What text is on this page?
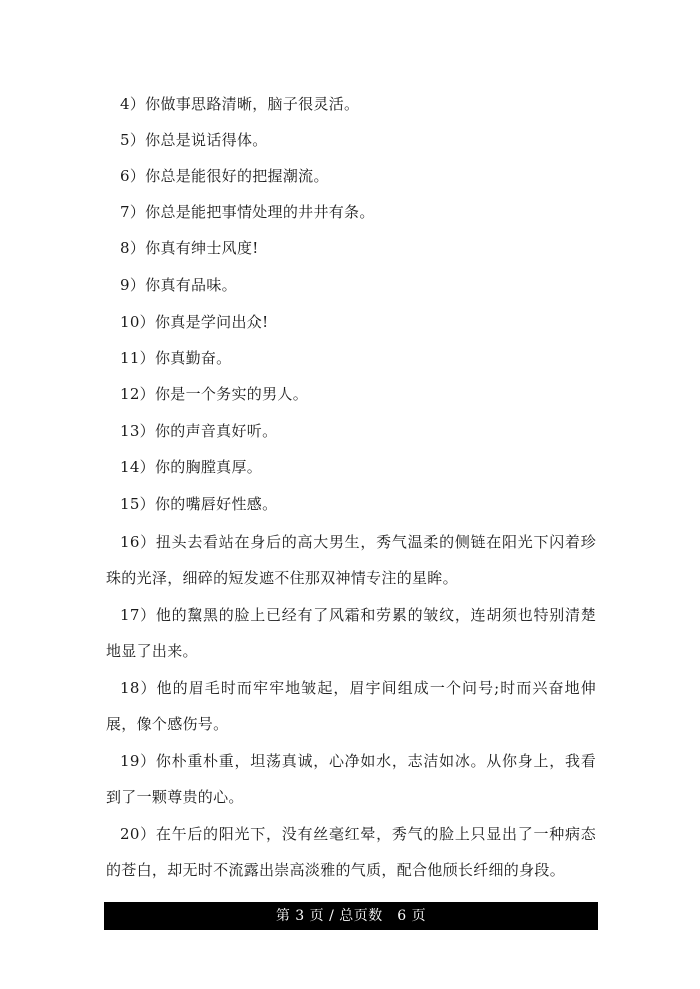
4）你做事思路清晰，脑子很灵活。
5）你总是说话得体。
6）你总是能很好的把握潮流。
7）你总是能把事情处理的井井有条。
8）你真有绅士风度!
9）你真有品味。
10）你真是学问出众!
11）你真勤奋。
12）你是一个务实的男人。
13）你的声音真好听。
14）你的胸膛真厚。
15）你的嘴唇好性感。
16）扭头去看站在身后的高大男生，秀气温柔的侧链在阳光下闪着珍珠的光泽，细碎的短发遮不住那双神情专注的星眸。
17）他的黧黑的脸上已经有了风霜和劳累的皱纹，连胡须也特别清楚地显了出来。
18）他的眉毛时而牢牢地皱起，眉宇间组成一个问号;时而兴奋地伸展，像个感伤号。
19）你朴重朴重，坦荡真诚，心净如水，志洁如冰。从你身上，我看到了一颗尊贵的心。
20）在午后的阳光下，没有丝毫红晕，秀气的脸上只显出了一种病态的苍白，却无时不流露出崇高淡雅的气质，配合他颀长纤细的身段。
第 3 页 / 总页数　6 页
